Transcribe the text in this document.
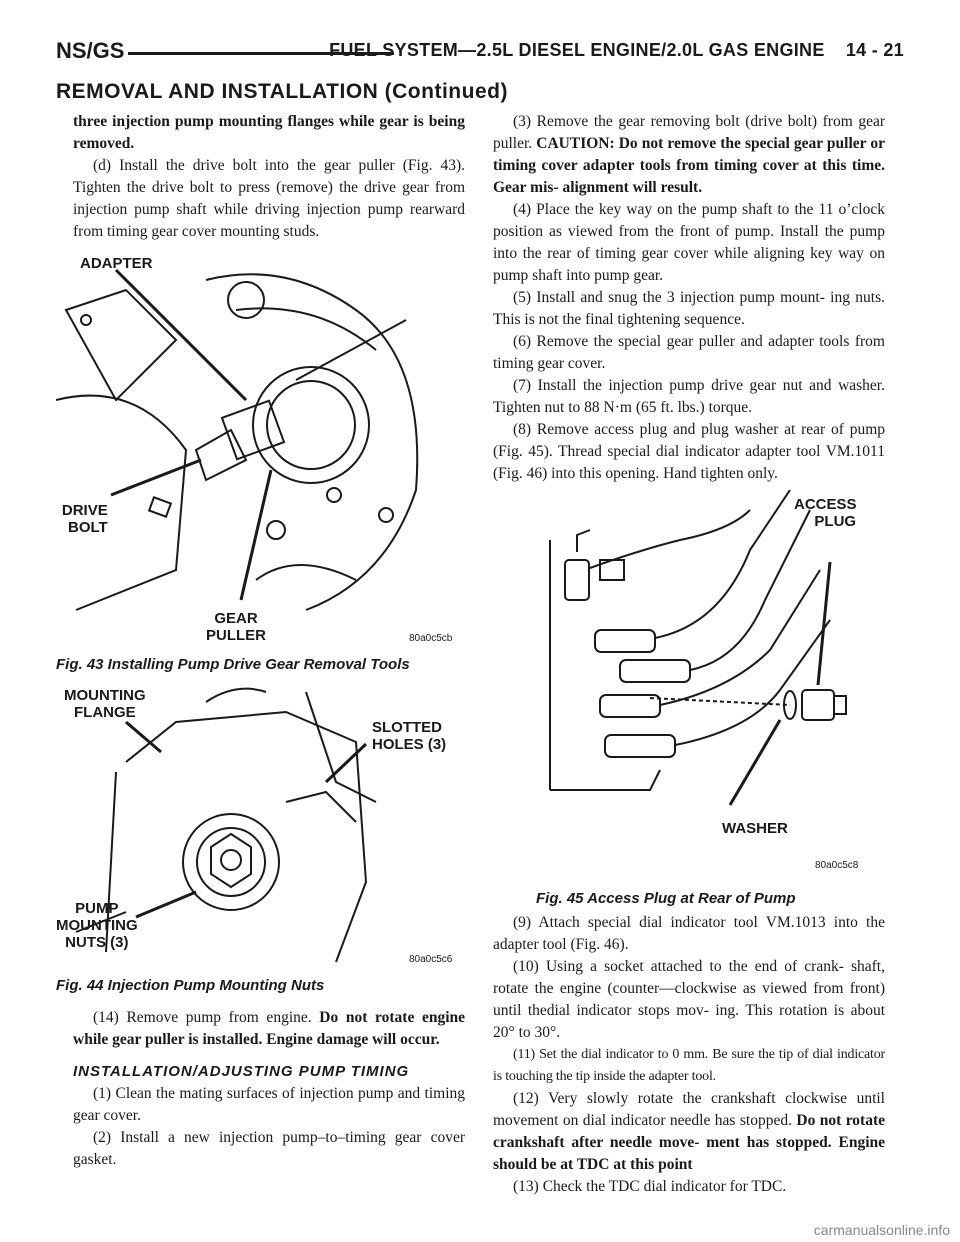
NS/GS	FUEL SYSTEM—2.5L DIESEL ENGINE/2.0L GAS ENGINE    14 - 21
REMOVAL AND INSTALLATION (Continued)

three injection pump mounting flanges while gear is being removed.

(d) Install the drive bolt into the gear puller (Fig. 43). Tighten the drive bolt to press (remove) the drive gear from injection pump shaft while driving injection pump rearward from timing gear cover mounting studs.

ADAPTER
DRIVE
BOLT
GEAR
PULLER	80a0c5cb
Fig. 43 Installing Pump Drive Gear Removal Tools
MOUNTING
FLANGE
SLOTTED
HOLES (3)
PUMP
MOUNTING
NUTS (3)
80a0c5c6
Fig. 44 Injection Pump Mounting Nuts

(14) Remove pump from engine. Do not rotate engine while gear puller is installed. Engine damage will occur.

INSTALLATION/ADJUSTING PUMP TIMING

(1) Clean the mating surfaces of injection pump and timing gear cover.

(2) Install a new injection pump–to–timing gear cover gasket.

(3) Remove the gear removing bolt (drive bolt) from gear puller. CAUTION: Do not remove the special gear puller or timing cover adapter tools from timing cover at this time. Gear mis- alignment will result.

(4) Place the key way on the pump shaft to the 11 o’clock position as viewed from the front of pump. Install the pump into the rear of timing gear cover while aligning key way on pump shaft into pump gear.

(5) Install and snug the 3 injection pump mount- ing nuts. This is not the final tightening sequence.

(6) Remove the special gear puller and adapter tools from timing gear cover.

(7) Install the injection pump drive gear nut and washer. Tighten nut to 88 N·m (65 ft. lbs.) torque.

(8) Remove access plug and plug washer at rear of pump (Fig. 45). Thread special dial indicator adapter tool VM.1011 (Fig. 46) into this opening. Hand tighten only.

ACCESS
PLUG
WASHER
80a0c5c8
Fig. 45 Access Plug at Rear of Pump

(9) Attach special dial indicator tool VM.1013 into the adapter tool (Fig. 46).

(10) Using a socket attached to the end of crank- shaft, rotate the engine (counter—clockwise as viewed from front) until thedial indicator stops mov- ing. This rotation is about 20° to 30°.

(11) Set the dial indicator to 0 mm. Be sure the tip of dial indicator is touching the tip inside the adapter tool.

(12) Very slowly rotate the crankshaft clockwise until movement on dial indicator needle has stopped. Do not rotate crankshaft after needle move- ment has stopped. Engine should be at TDC at this point

(13) Check the TDC dial indicator for TDC.

carmanualsonline.info
